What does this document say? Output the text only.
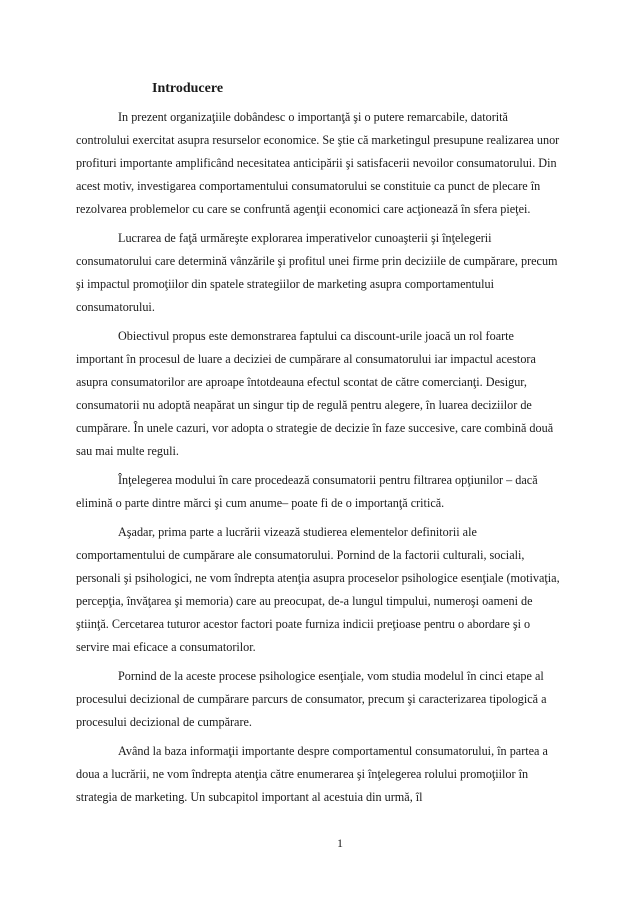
Introducere

In prezent organizaţiile dobândesc o importanţă şi o putere remarcabile, datorită controlului exercitat asupra resurselor economice. Se ştie că marketingul presupune realizarea unor profituri importante amplificând necesitatea anticipării şi satisfacerii nevoilor consumatorului. Din acest motiv, investigarea comportamentului consumatorului se constituie ca punct de plecare în rezolvarea problemelor cu care se confruntă agenţii economici care acţionează în sfera pieţei.

Lucrarea de faţă urmăreşte explorarea imperativelor cunoaşterii şi înţelegerii consumatorului care determină vânzările şi profitul unei firme prin deciziile de cumpărare, precum şi impactul promoţiilor din spatele strategiilor de marketing asupra comportamentului consumatorului.

Obiectivul propus este demonstrarea faptului ca discount-urile joacă un rol foarte important în procesul de luare a deciziei de cumpărare al consumatorului iar impactul acestora asupra consumatorilor are aproape întotdeauna efectul scontat de către comercianţi. Desigur, consumatorii nu adoptă neapărat un singur tip de regulă pentru alegere, în luarea deciziilor de cumpărare. În unele cazuri, vor adopta o strategie de decizie în faze succesive, care combină două sau mai multe reguli.

Înţelegerea modului în care procedează consumatorii pentru filtrarea opţiunilor – dacă elimină o parte dintre mărci şi cum anume– poate fi de o importanţă critică.

Aşadar, prima parte a lucrării vizează studierea elementelor definitorii ale comportamentului de cumpărare ale consumatorului. Pornind de la factorii culturali, sociali, personali şi psihologici, ne vom îndrepta atenţia asupra proceselor psihologice esenţiale (motivaţia, percepţia, învăţarea şi memoria) care au preocupat, de-a lungul timpului, numeroşi oameni de ştiinţă. Cercetarea tuturor acestor factori poate furniza indicii preţioase pentru o abordare şi o servire mai eficace a consumatorilor.

Pornind de la aceste procese psihologice esenţiale, vom studia modelul în cinci etape al procesului decizional de cumpărare parcurs de consumator, precum şi caracterizarea tipologică a procesului decizional de cumpărare.

Având la baza informaţii importante despre comportamentul consumatorului, în partea a doua a lucrării, ne vom îndrepta atenţia către enumerarea şi înţelegerea rolului promoţiilor în strategia de marketing. Un subcapitol important al acestuia din urmă, îl

1
